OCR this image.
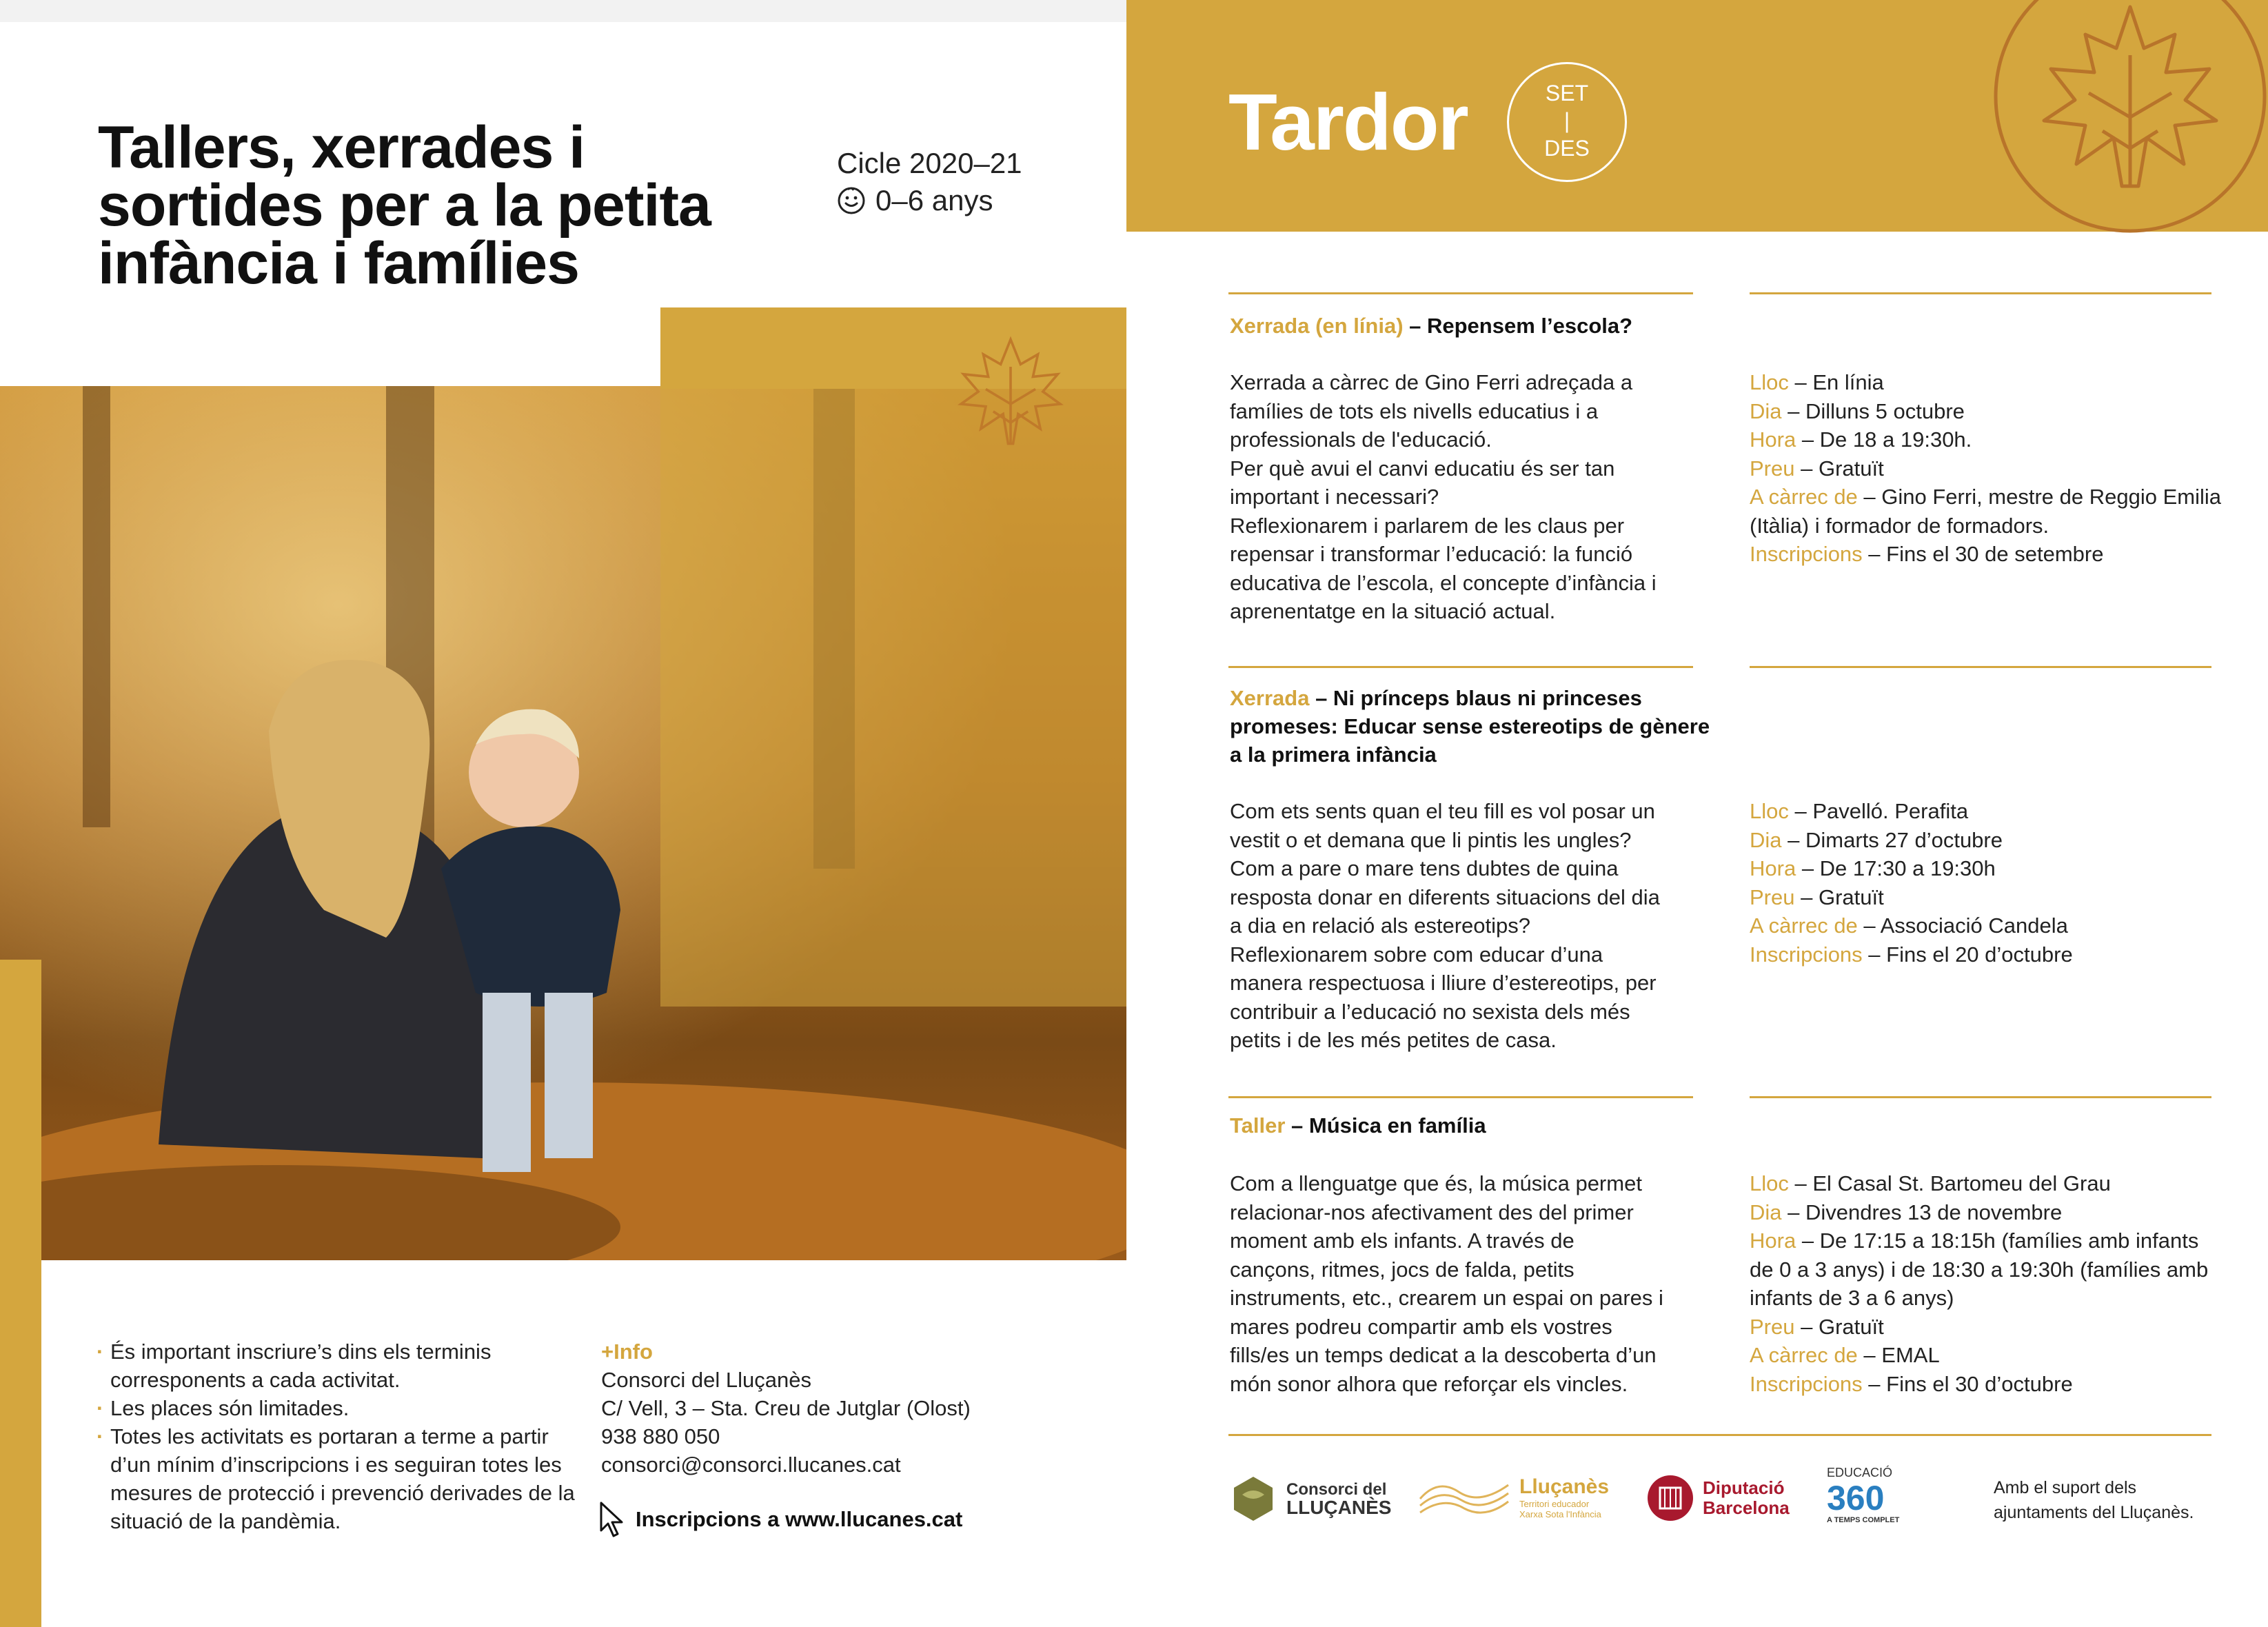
Tallers, xerrades i
sortides per a la petita
infància i famílies
Cicle 2020–21
0–6 anys
· És important inscriure’s dins els terminis corresponents a cada activitat.
· Les places són limitades.
· Totes les activitats es portaran a terme a partir d’un mínim d’inscripcions i es seguiran totes les mesures de protecció i prevenció derivades de la situació de la pandèmia.
+Info
Consorci del Lluçanès
C/ Vell, 3 – Sta. Creu de Jutglar (Olost)
938 880 050
consorci@consorci.llucanes.cat
Inscripcions a www.llucanes.cat
Tardor	SET
|
DES
Xerrada (en línia) – Repensem l’escola?
Xerrada a càrrec de Gino Ferri adreçada a
famílies de tots els nivells educatius i a
professionals de l'educació.
Per què avui el canvi educatiu és ser tan
important i necessari?
Reflexionarem i parlarem de les claus per
repensar i transformar l’educació: la funció
educativa de l’escola, el concepte d’infància i
aprenentatge en la situació actual.
Lloc – En línia
Dia – Dilluns 5 octubre
Hora – De 18 a 19:30h.
Preu – Gratuït
A càrrec de – Gino Ferri, mestre de Reggio Emilia (Itàlia) i formador de formadors.
Inscripcions – Fins el 30 de setembre
Xerrada – Ni prínceps blaus ni princeses promeses: Educar sense estereotips de gènere a la primera infància
Com ets sents quan el teu fill es vol posar un
vestit o et demana que li pintis les ungles?
Com a pare o mare tens dubtes de quina
resposta donar en diferents situacions del dia
a dia en relació als estereotips?
Reflexionarem sobre com educar d’una
manera respectuosa i lliure d’estereotips, per
contribuir a l’educació no sexista dels més
petits i de les més petites de casa.
Lloc – Pavelló. Perafita
Dia – Dimarts 27 d’octubre
Hora – De 17:30 a 19:30h
Preu – Gratuït
A càrrec de – Associació Candela
Inscripcions – Fins el 20 d’octubre
Taller – Música en família
Com a llenguatge que és, la música permet
relacionar-nos afectivament des del primer
moment amb els infants. A través de
cançons, ritmes, jocs de falda, petits
instruments, etc., crearem un espai on pares i
mares podreu compartir amb els vostres
fills/es un temps dedicat a la descoberta d’un
món sonor alhora que reforçar els vincles.
Lloc – El Casal St. Bartomeu del Grau
Dia – Divendres 13 de novembre
Hora – De 17:15 a 18:15h (famílies amb infants de 0 a 3 anys) i de 18:30 a 19:30h (famílies amb infants de 3 a 6 anys)
Preu – Gratuït
A càrrec de – EMAL
Inscripcions – Fins el 30 d’octubre
Consorci del
LLUÇANÈS
Lluçanès
Territori educador
Xarxa Sota l'Infància
Diputació
Barcelona
EDUCACIÓ
360
A TEMPS COMPLET
Amb el suport dels
ajuntaments del Lluçanès.
